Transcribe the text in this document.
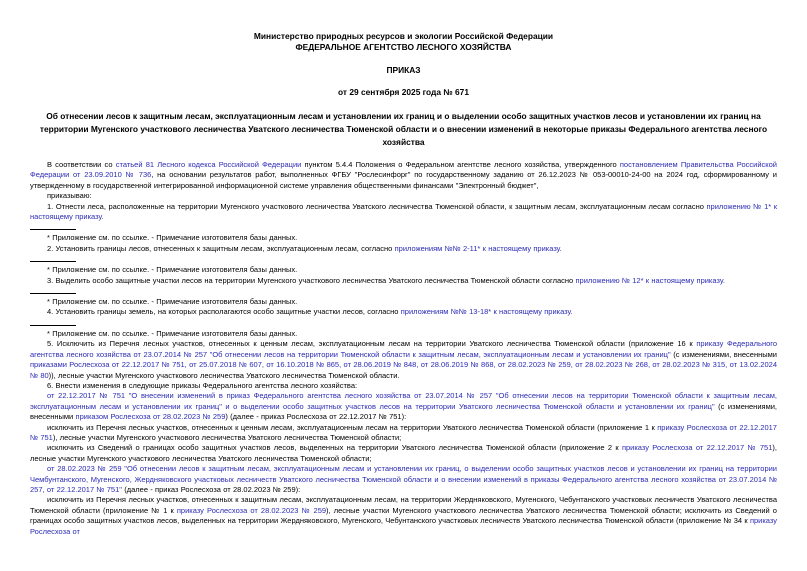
Министерство природных ресурсов и экологии Российской Федерации
ФЕДЕРАЛЬНОЕ АГЕНТСТВО ЛЕСНОГО ХОЗЯЙСТВА
ПРИКАЗ
от 29 сентября 2025 года № 671
Об отнесении лесов к защитным лесам, эксплуатационным лесам и установлении их границ и о выделении особо защитных участков лесов и установлении их границ на территории Мугенского участкового лесничества Уватского лесничества Тюменской области и о внесении изменений в некоторые приказы Федерального агентства лесного хозяйства

В соответствии со статьей 81 Лесного кодекса Российской Федерации пунктом 5.4.4 Положения о Федеральном агентстве лесного хозяйства, утвержденного постановлением Правительства Российской Федерации от 23.09.2010 № 736, на основании результатов работ, выполненных ФГБУ "Рослесинфорг" по государственному заданию от 26.12.2023 № 053-00010-24-00 на 2024 год, сформированному и утвержденному в государственной интегрированной информационной системе управления общественными финансами "Электронный бюджет",

приказываю:

1. Отнести леса, расположенные на территории Мугенского участкового лесничества Уватского лесничества Тюменской области, к защитным лесам, эксплуатационным лесам согласно приложению № 1* к настоящему приказу.

* Приложение см. по ссылке. - Примечание изготовителя базы данных.

2. Установить границы лесов, отнесенных к защитным лесам, эксплуатационным лесам, согласно приложениям №№ 2-11* к настоящему приказу.

* Приложение см. по ссылке. - Примечание изготовителя базы данных.

3. Выделить особо защитные участки лесов на территории Мугенского участкового лесничества Уватского лесничества Тюменской области согласно приложению № 12* к настоящему приказу.

* Приложение см. по ссылке. - Примечание изготовителя базы данных.

4. Установить границы земель, на которых располагаются особо защитные участки лесов, согласно приложениям №№ 13-18* к настоящему приказу.

* Приложение см. по ссылке. - Примечание изготовителя базы данных.

5. Исключить из Перечня лесных участков, отнесенных к ценным лесам, эксплуатационным лесам на территории Уватского лесничества Тюменской области (приложение 16 к приказу Федерального агентства лесного хозяйства от 23.07.2014 № 257 "Об отнесении лесов на территории Тюменской области к защитным лесам, эксплуатационным лесам и установлении их границ" (с изменениями, внесенными приказами Рослесхоза от 22.12.2017 № 751, от 25.07.2018 № 607, от 16.10.2018 № 865, от 28.06.2019 № 848, от 28.06.2019 № 868, от 28.02.2023 № 259, от 28.02.2023 № 268, от 28.02.2023 № 315, от 13.02.2024 № 80)), лесные участки Мугенского участкового лесничества Уватского лесничества Тюменской области.

6. Внести изменения в следующие приказы Федерального агентства лесного хозяйства:

от 22.12.2017 № 751 "О внесении изменений в приказ Федерального агентства лесного хозяйства от 23.07.2014 № 257 "Об отнесении лесов на территории Тюменской области к защитным лесам, эксплуатационным лесам и установлении их границ" и о выделении особо защитных участков лесов на территории Уватского лесничества Тюменской области и установлении их границ" (с изменениями, внесенными приказом Рослесхоза от 28.02.2023 № 259) (далее - приказ Рослесхоза от 22.12.2017 № 751):

исключить из Перечня лесных участков, отнесенных к ценным лесам, эксплуатационным лесам на территории Уватского лесничества Тюменской области (приложение 1 к приказу Рослесхоза от 22.12.2017 № 751), лесные участки Мугенского участкового лесничества Уватского лесничества Тюменской области;

исключить из Сведений о границах особо защитных участков лесов, выделенных на территории Уватского лесничества Тюменской области (приложение 2 к приказу Рослесхоза от 22.12.2017 № 751), лесные участки Мугенского участкового лесничества Уватского лесничества Тюменской области;

от 28.02.2023 № 259 "Об отнесении лесов к защитным лесам, эксплуатационным лесам и установлении их границ, о выделении особо защитных участков лесов и установлении их границ на территории Чембунтанского, Мугенского, Жердняковского участковых лесничеств Уватского лесничества Тюменской области и о внесении изменений в приказы Федерального агентства лесного хозяйства от 23.07.2014 № 257, от 22.12.2017 № 751" (далее - приказ Рослесхоза от 28.02.2023 № 259):

исключить из Перечня лесных участков, отнесенных к защитным лесам, эксплуатационным лесам, на территории Жердняковского, Мугенского, Чебунтанского участковых лесничеств Уватского лесничества Тюменской области (приложение № 1 к приказу Рослесхоза от 28.02.2023 № 259), лесные участки Мугенского участкового лесничества Уватского лесничества Тюменской области; исключить из Сведений о границах особо защитных участков лесов, выделенных на территории Жердняковского, Мугенского, Чебунтанского участковых лесничеств Уватского лесничества Тюменской области (приложение № 34 к приказу Рослесхоза от
